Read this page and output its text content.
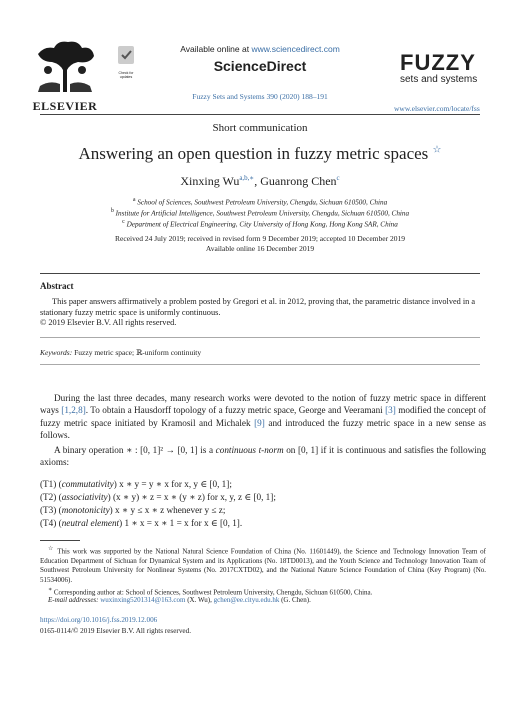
ELSEVIER
Check for updates
Available online at www.sciencedirect.com
ScienceDirect
Fuzzy Sets and Systems 390 (2020) 188–191
FUZZY
sets and systems
www.elsevier.com/locate/fss
Short communication
Answering an open question in fuzzy metric spaces ☆
Xinxing $Wu^{a,b,∗}$, Guanrong Chen$^c$
$^a$ School of Sciences, Southwest Petroleum University, Chengdu, Sichuan 610500, China
$^b$ Institute for Artificial Intelligence, Southwest Petroleum University, Chengdu, Sichuan 610500, China
$^c$ Department of Electrical Engineering, City University of Hong Kong, Hong Kong SAR, China
Received 24 July 2019; received in revised form 9 December 2019; accepted 10 December 2019
Available online 16 December 2019
Abstract
This paper answers affirmatively a problem posted by Gregori et al. in 2012, proving that, the parametric distance involved in a stationary fuzzy metric space is uniformly continuous.
© 2019 Elsevier B.V. All rights reserved.
Keywords: Fuzzy metric space; ℝ-uniform continuity
During the last three decades, many research works were devoted to the notion of fuzzy metric space in different ways [1,2,8]. To obtain a Hausdorff topology of a fuzzy metric space, George and Veeramani [3] modified the concept of fuzzy metric space initiated by Kramosil and Michalek [9] and introduced the fuzzy metric space in a new sense as follows.
A binary operation ∗ : [0, 1]² → [0, 1] is a continuous t-norm on [0, 1] if it is continuous and satisfies the following axioms:
(T1) (commutativity) x ∗ y = y ∗ x for x, y ∈ [0, 1];
(T2) (associativity) (x ∗ y) ∗ z = x ∗ (y ∗ z) for x, y, z ∈ [0, 1];
(T3) (monotonicity) x ∗ y ≤ x ∗ z whenever y ≤ z;
(T4) (neutral element) 1 ∗ x = x ∗ 1 = x for x ∈ [0, 1].
☆ This work was supported by the National Natural Science Foundation of China (No. 11601449), the Science and Technology Innovation Team of Education Department of Sichuan for Dynamical System and its Applications (No. 18TD0013), and the Youth Science and Technology Innovation Team of Southwest Petroleum University for Nonlinear Systems (No. 2017CXTD02), and the National Nature Science Foundation of China (Key Program) (No. 51534006).
∗ Corresponding author at: School of Sciences, Southwest Petroleum University, Chengdu, Sichuan 610500, China.
E-mail addresses: wuxinxing5201314@163.com (X. Wu), gchen@ee.cityu.edu.hk (G. Chen).
https://doi.org/10.1016/j.fss.2019.12.006
0165-0114/© 2019 Elsevier B.V. All rights reserved.
